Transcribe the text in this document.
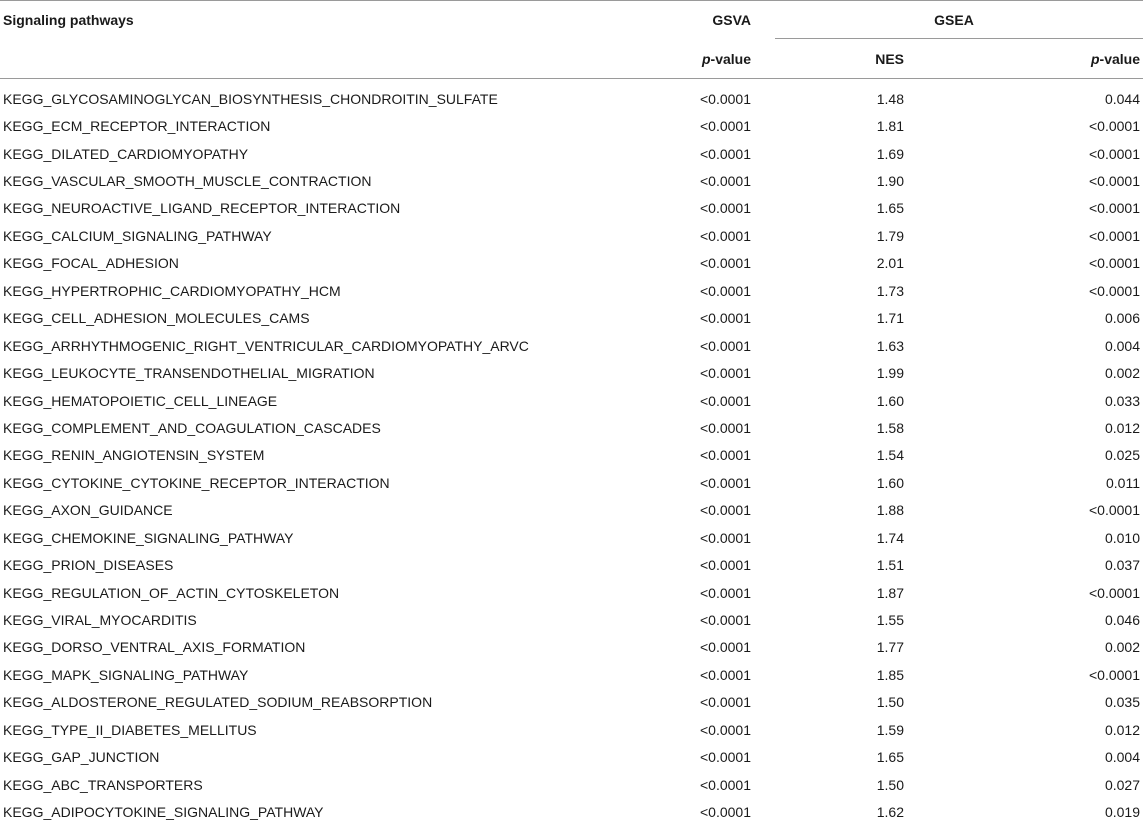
Signaling pathways	GSVA	GSEA	

	p-value	NES	p-value
KEGG_GLYCOSAMINOGLYCAN_BIOSYNTHESIS_CHONDROITIN_SULFATE	<0.0001	1.48	0.044
KEGG_ECM_RECEPTOR_INTERACTION	<0.0001	1.81	<0.0001
KEGG_DILATED_CARDIOMYOPATHY	<0.0001	1.69	<0.0001
KEGG_VASCULAR_SMOOTH_MUSCLE_CONTRACTION	<0.0001	1.90	<0.0001
KEGG_NEUROACTIVE_LIGAND_RECEPTOR_INTERACTION	<0.0001	1.65	<0.0001
KEGG_CALCIUM_SIGNALING_PATHWAY	<0.0001	1.79	<0.0001
KEGG_FOCAL_ADHESION	<0.0001	2.01	<0.0001
KEGG_HYPERTROPHIC_CARDIOMYOPATHY_HCM	<0.0001	1.73	<0.0001
KEGG_CELL_ADHESION_MOLECULES_CAMS	<0.0001	1.71	0.006
KEGG_ARRHYTHMOGENIC_RIGHT_VENTRICULAR_CARDIOMYOPATHY_ARVC	<0.0001	1.63	0.004
KEGG_LEUKOCYTE_TRANSENDOTHELIAL_MIGRATION	<0.0001	1.99	0.002
KEGG_HEMATOPOIETIC_CELL_LINEAGE	<0.0001	1.60	0.033
KEGG_COMPLEMENT_AND_COAGULATION_CASCADES	<0.0001	1.58	0.012
KEGG_RENIN_ANGIOTENSIN_SYSTEM	<0.0001	1.54	0.025
KEGG_CYTOKINE_CYTOKINE_RECEPTOR_INTERACTION	<0.0001	1.60	0.011
KEGG_AXON_GUIDANCE	<0.0001	1.88	<0.0001
KEGG_CHEMOKINE_SIGNALING_PATHWAY	<0.0001	1.74	0.010
KEGG_PRION_DISEASES	<0.0001	1.51	0.037
KEGG_REGULATION_OF_ACTIN_CYTOSKELETON	<0.0001	1.87	<0.0001
KEGG_VIRAL_MYOCARDITIS	<0.0001	1.55	0.046
KEGG_DORSO_VENTRAL_AXIS_FORMATION	<0.0001	1.77	0.002
KEGG_MAPK_SIGNALING_PATHWAY	<0.0001	1.85	<0.0001
KEGG_ALDOSTERONE_REGULATED_SODIUM_REABSORPTION	<0.0001	1.50	0.035
KEGG_TYPE_II_DIABETES_MELLITUS	<0.0001	1.59	0.012
KEGG_GAP_JUNCTION	<0.0001	1.65	0.004
KEGG_ABC_TRANSPORTERS	<0.0001	1.50	0.027
KEGG_ADIPOCYTOKINE_SIGNALING_PATHWAY	<0.0001	1.62	0.019
